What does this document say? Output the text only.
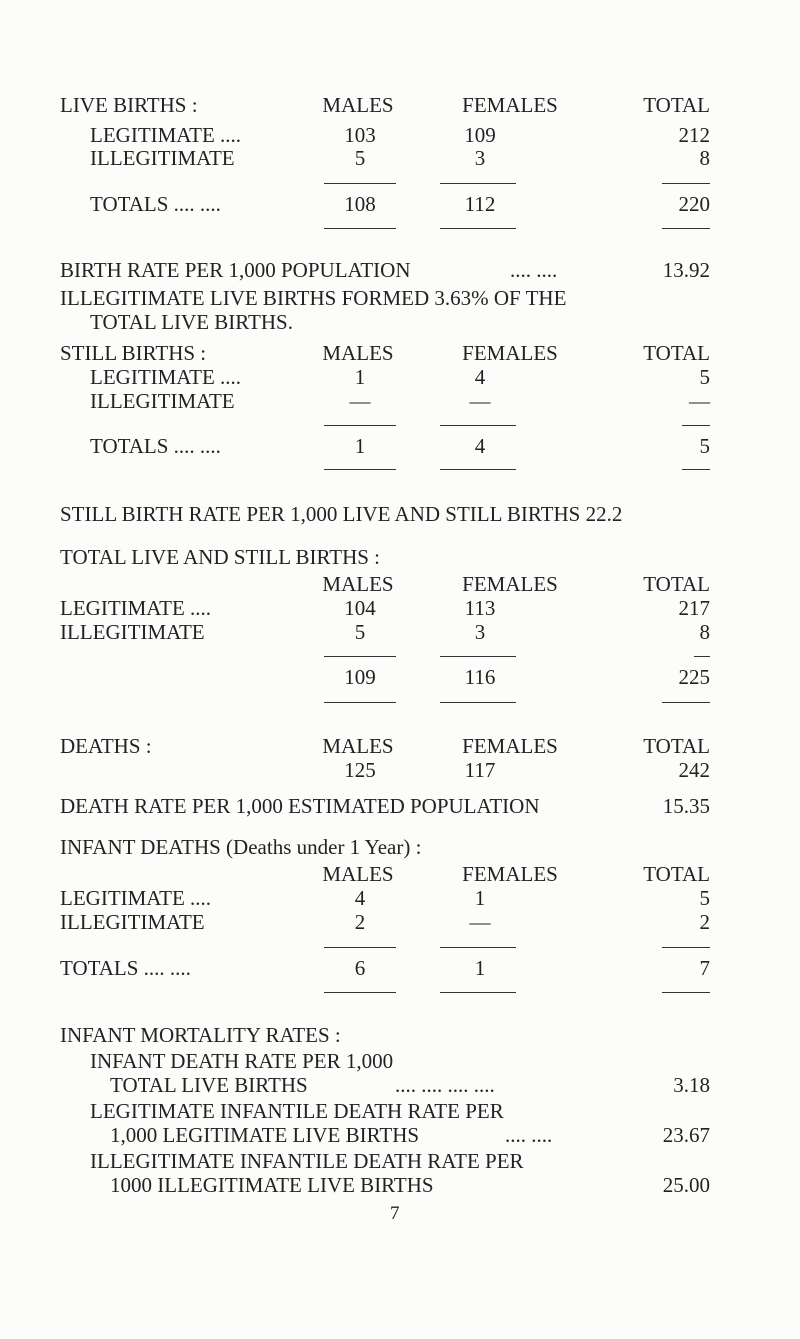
LIVE BIRTHS :	MALES	FEMALES	TOTAL
LEGITIMATE ....	103	109	212
ILLEGITIMATE	5	3	8
TOTALS .... ....	108	112	220
BIRTH RATE PER 1,000 POPULATION	.... ....	13.92
ILLEGITIMATE LIVE BIRTHS FORMED 3.63% OF THE
TOTAL LIVE BIRTHS.
STILL BIRTHS :	MALES	FEMALES	TOTAL
LEGITIMATE ....	1	4	5
ILLEGITIMATE	—	—	—
TOTALS .... ....	1	4	5
STILL BIRTH RATE PER 1,000 LIVE AND STILL BIRTHS 22.2
TOTAL LIVE AND STILL BIRTHS :
MALES	FEMALES	TOTAL
LEGITIMATE ....	104	113	217
ILLEGITIMATE	5	3	8
109	116	225
DEATHS :	MALES	FEMALES	TOTAL
125	117	242
DEATH RATE PER 1,000 ESTIMATED POPULATION	15.35
INFANT DEATHS (Deaths under 1 Year) :
MALES	FEMALES	TOTAL
LEGITIMATE ....	4	1	5
ILLEGITIMATE	2	—	2
TOTALS .... ....	6	1	7
INFANT MORTALITY RATES :
INFANT DEATH RATE PER 1,000
TOTAL LIVE BIRTHS	.... .... .... ....	3.18
LEGITIMATE INFANTILE DEATH RATE PER
1,000 LEGITIMATE LIVE BIRTHS	.... ....	23.67
ILLEGITIMATE INFANTILE DEATH RATE PER
1000 ILLEGITIMATE LIVE BIRTHS	25.00
7
